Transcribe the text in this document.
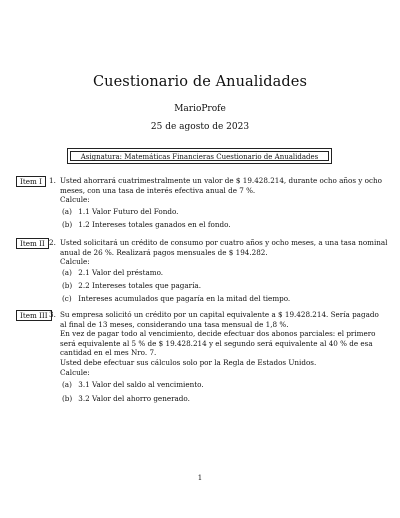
Cuestionario de Anualidades
MarioProfe
25 de agosto de 2023
Asignatura: Matemáticas Financieras Cuestionario de Anualidades
Item I 1. Usted ahorrará cuatrimestralmente un valor de $ 19.428.214, durante ocho años y ocho
meses, con una tasa de interés efectiva anual de 7 %.
Calcule:
(a) 1.1 Valor Futuro del Fondo.
(b) 1.2 Intereses totales ganados en el fondo.
Item II 2. Usted solicitará un crédito de consumo por cuatro años y ocho meses, a una tasa nominal
anual de 26 %. Realizará pagos mensuales de $ 194.282.
Calcule:
(a) 2.1 Valor del préstamo.
(b) 2.2 Intereses totales que pagaría.
(c) Intereses acumulados que pagaría en la mitad del tiempo.
Item III 3. Su empresa solicitó un crédito por un capital equivalente a $ 19.428.214. Sería pagado
al final de 13 meses, considerando una tasa mensual de 1,8 %.
En vez de pagar todo al vencimiento, decide efectuar dos abonos parciales: el primero
será equivalente al 5 % de $ 19.428.214 y el segundo será equivalente al 40 % de esa
cantidad en el mes Nro. 7.
Usted debe efectuar sus cálculos solo por la Regla de Estados Unidos.
Calcule:
(a) 3.1 Valor del saldo al vencimiento.
(b) 3.2 Valor del ahorro generado.
1
